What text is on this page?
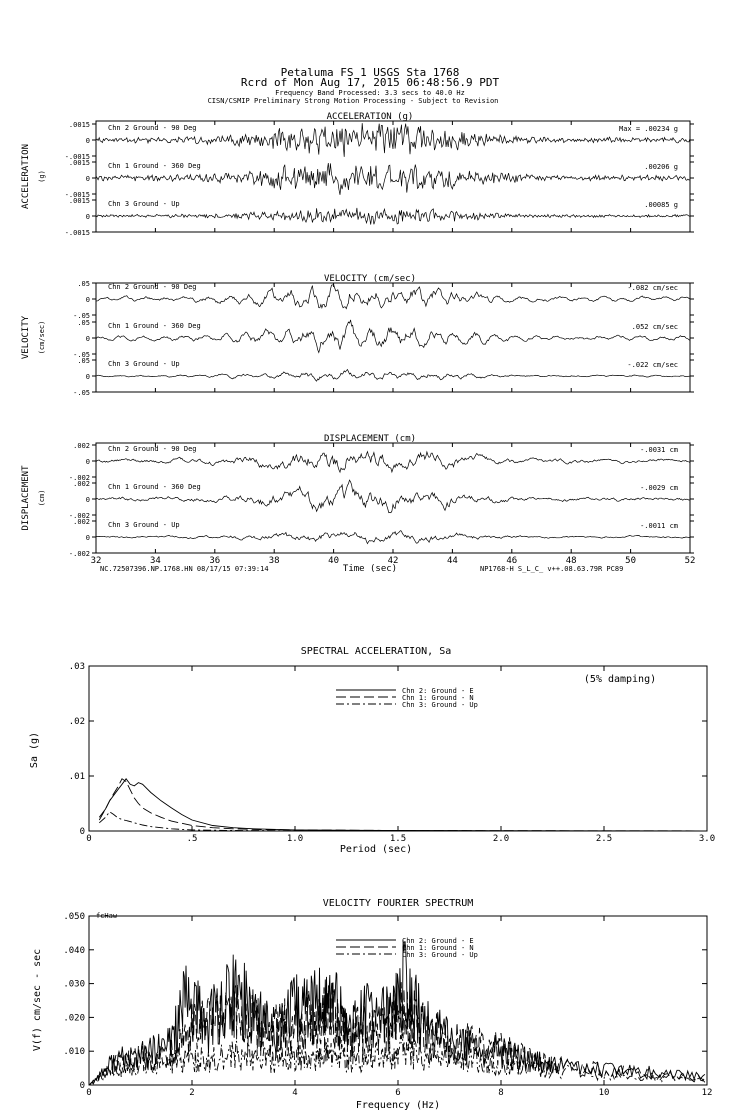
Petaluma FS 1 USGS Sta 1768
Rcrd of Mon Aug 17, 2015 06:48:56.9 PDT
Frequency Band Processed: 3.3 secs to 40.0 Hz
CISN/CSMIP Preliminary Strong Motion Processing - Subject to Revision
ACCELERATION (g)
ACCELERATION (g)
.0015
0
-.0015
Chn 2 Ground - 90 Deg	Max = .00234 g
.0015
0
-.0015
Chn 1 Ground - 360 Deg	.00206 g
.0015
0
-.0015
Chn 3 Ground - Up	.00085 g
VELOCITY (cm/sec)
VELOCITY (cm/sec)
.05
0
-.05
Chn 2 Ground - 90 Deg	-.082 cm/sec
.05
0
-.05
Chn 1 Ground - 360 Deg	.052 cm/sec
.05
0
-.05
Chn 3 Ground - Up	-.022 cm/sec
DISPLACEMENT (cm)
DISPLACEMENT (cm)
.002
0
-.002
Chn 2 Ground - 90 Deg	-.0031 cm
.002
0
-.002
Chn 1 Ground - 360 Deg	-.0029 cm
.002
0
-.002
Chn 3 Ground - Up	-.0011 cm
Time (sec)
NC.72507396.NP.1768.HN 08/17/15 07:39:14	NP1768-H S_L_C_ v++.08.63.79R PC89
32	34	36	38	40	42	44	46	48	50	52
SPECTRAL ACCELERATION, Sa
(5% damping)
Period (sec)
Sa (g)
0	.5	1.0	1.5	2.0	2.5	3.0
0
.01
.02
.03
Chn 2: Ground - E
Chn 1: Ground - N
Chn 3: Ground - Up
VELOCITY FOURIER SPECTRUM
fcHaw
Frequency (Hz)
V(f) cm/sec - sec
0	2	4	6	8	10	12
0
.010
.020
.030
.040
.050
Chn 2: Ground - E
Chn 1: Ground - N
Chn 3: Ground - Up
